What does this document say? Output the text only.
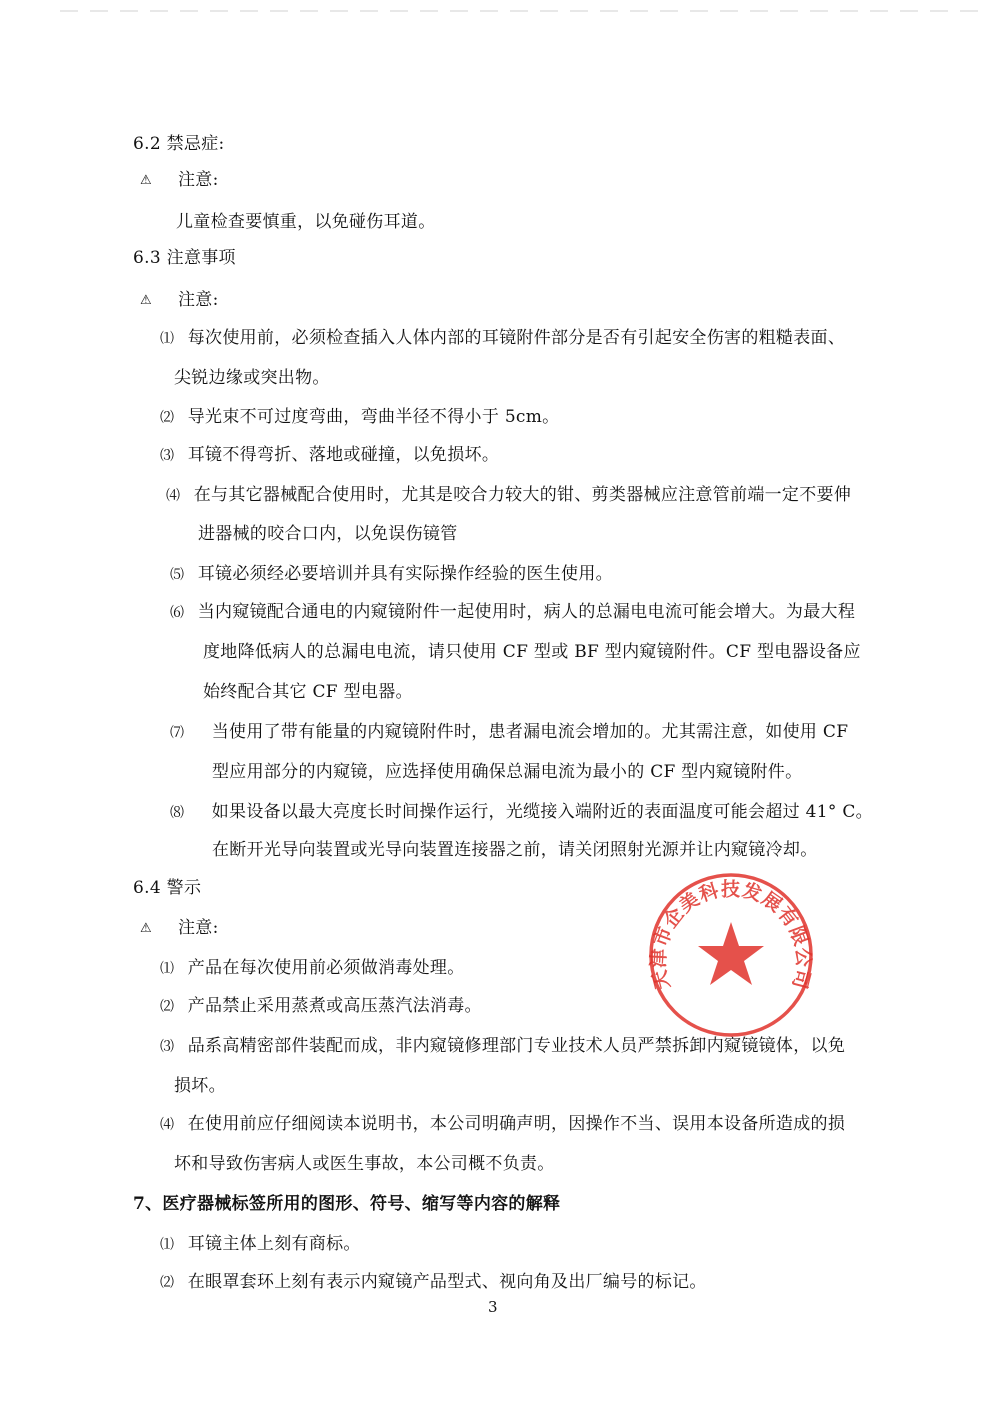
6.2 禁忌症:
⚠ 注意:
儿童检查要慎重，以免碰伤耳道。
6.3 注意事项
⚠ 注意:
⑴ 每次使用前，必须检查插入人体内部的耳镜附件部分是否有引起安全伤害的粗糙表面、
尖锐边缘或突出物。
⑵ 导光束不可过度弯曲，弯曲半径不得小于 5cm。
⑶ 耳镜不得弯折、落地或碰撞，以免损坏。
⑷ 在与其它器械配合使用时，尤其是咬合力较大的钳、剪类器械应注意管前端一定不要伸
进器械的咬合口内，以免误伤镜管
⑸ 耳镜必须经必要培训并具有实际操作经验的医生使用。
⑹ 当内窥镜配合通电的内窥镜附件一起使用时，病人的总漏电电流可能会增大。为最大程
度地降低病人的总漏电电流，请只使用 CF 型或 BF 型内窥镜附件。CF 型电器设备应
始终配合其它 CF 型电器。
⑺ 当使用了带有能量的内窥镜附件时，患者漏电流会增加的。尤其需注意，如使用 CF
型应用部分的内窥镜，应选择使用确保总漏电流为最小的 CF 型内窥镜附件。
⑻ 如果设备以最大亮度长时间操作运行，光缆接入端附近的表面温度可能会超过 41° C。
在断开光导向装置或光导向装置连接器之前，请关闭照射光源并让内窥镜冷却。
6.4 警示
⚠ 注意:
⑴ 产品在每次使用前必须做消毒处理。
⑵ 产品禁止采用蒸煮或高压蒸汽法消毒。
⑶ 品系高精密部件装配而成，非内窥镜修理部门专业技术人员严禁拆卸内窥镜镜体，以免
损坏。
⑷ 在使用前应仔细阅读本说明书，本公司明确声明，因操作不当、误用本设备所造成的损
坏和导致伤害病人或医生事故，本公司概不负责。
7、医疗器械标签所用的图形、符号、缩写等内容的解释
⑴ 耳镜主体上刻有商标。
⑵ 在眼罩套环上刻有表示内窥镜产品型式、视向角及出厂编号的标记。
3
天津市企美科技发展有限公司
